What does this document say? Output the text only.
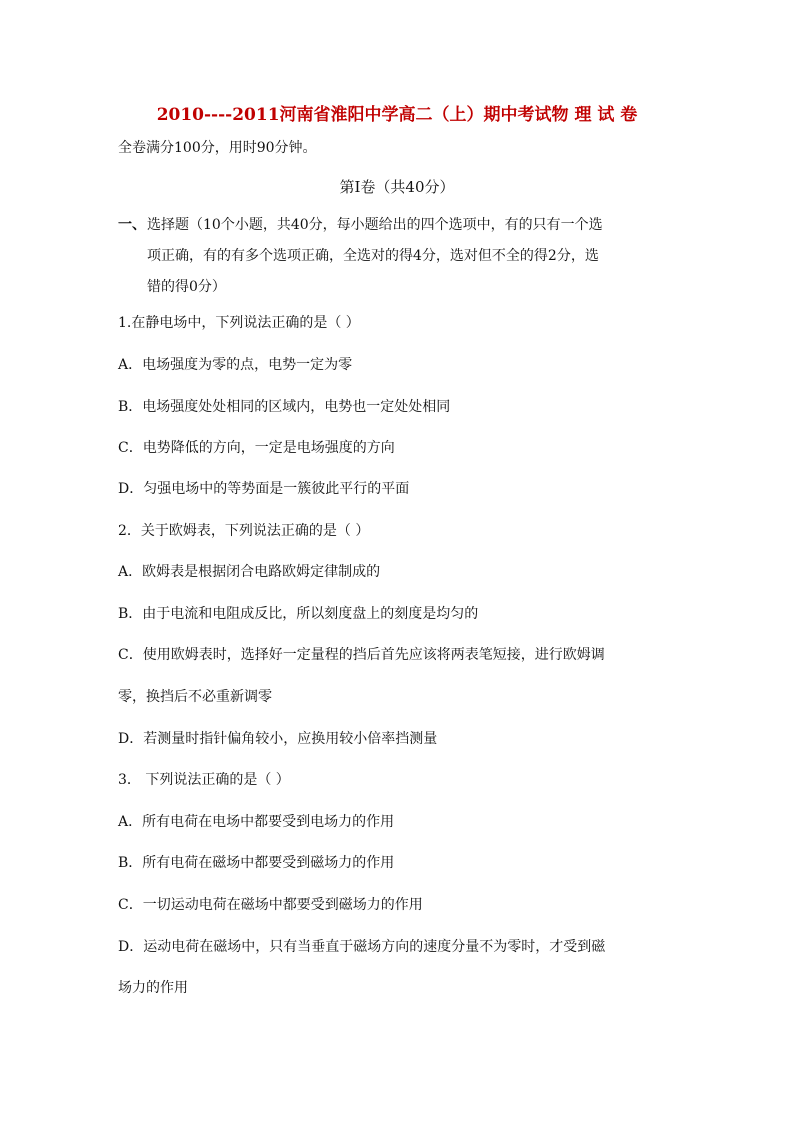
2010----2011河南省淮阳中学高二（上）期中考试物 理 试 卷
全卷满分100分，用时90分钟。
第Ⅰ卷（共40分）
一、 选择题（10个小题，共40分，每小题给出的四个选项中，有的只有一个选
项正确，有的有多个选项正确，全选对的得4分，选对但不全的得2分，选
错的得0分）
1.在静电场中，下列说法正确的是（ ）
A．电场强度为零的点，电势一定为零
B．电场强度处处相同的区域内，电势也一定处处相同
C．电势降低的方向，一定是电场强度的方向
D．匀强电场中的等势面是一簇彼此平行的平面
2．关于欧姆表，下列说法正确的是（ ）
A．欧姆表是根据闭合电路欧姆定律制成的
B．由于电流和电阻成反比，所以刻度盘上的刻度是均匀的
C．使用欧姆表时，选择好一定量程的挡后首先应该将两表笔短接，进行欧姆调
零，换挡后不必重新调零
D．若测量时指针偏角较小，应换用较小倍率挡测量
3． 下列说法正确的是（ ）
A．所有电荷在电场中都要受到电场力的作用
B．所有电荷在磁场中都要受到磁场力的作用
C．一切运动电荷在磁场中都要受到磁场力的作用
D．运动电荷在磁场中，只有当垂直于磁场方向的速度分量不为零时，才受到磁
场力的作用
